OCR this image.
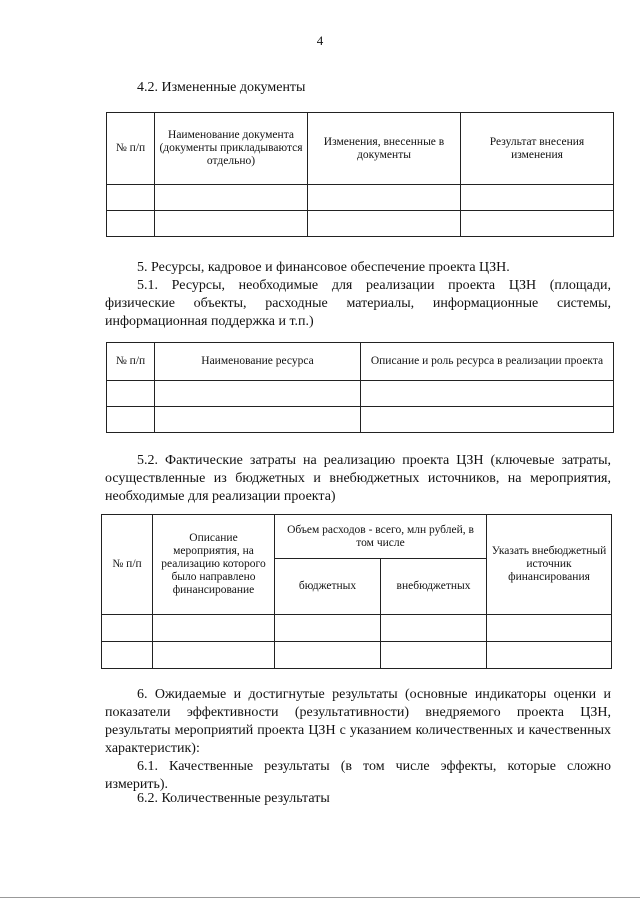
4
4.2. Измененные документы
№ п/п	Наименование документа (документы прикладываются отдельно)	Изменения, внесенные в документы	Результат внесения изменения

5. Ресурсы, кадровое и финансовое обеспечение проекта ЦЗН.
5.1. Ресурсы, необходимые для реализации проекта ЦЗН (площади, физические объекты, расходные материалы, информационные системы, информационная поддержка и т.п.)
№ п/п	Наименование ресурса	Описание и роль ресурса в реализации проекта

5.2. Фактические затраты на реализацию проекта ЦЗН (ключевые затраты, осуществленные из бюджетных и внебюджетных источников, на мероприятия, необходимые для реализации проекта)
№ п/п	Описание мероприятия, на реализацию которого было направлено финансирование	Объем расходов - всего, млн рублей, в том числе		Указать внебюджетный источник финансирования
		бюджетных	внебюджетных	

6. Ожидаемые и достигнутые результаты (основные индикаторы оценки и показатели эффективности (результативности) внедряемого проекта ЦЗН, результаты мероприятий проекта ЦЗН с указанием количественных и качественных характеристик):
6.1. Качественные результаты (в том числе эффекты, которые сложно измерить).
6.2. Количественные результаты
